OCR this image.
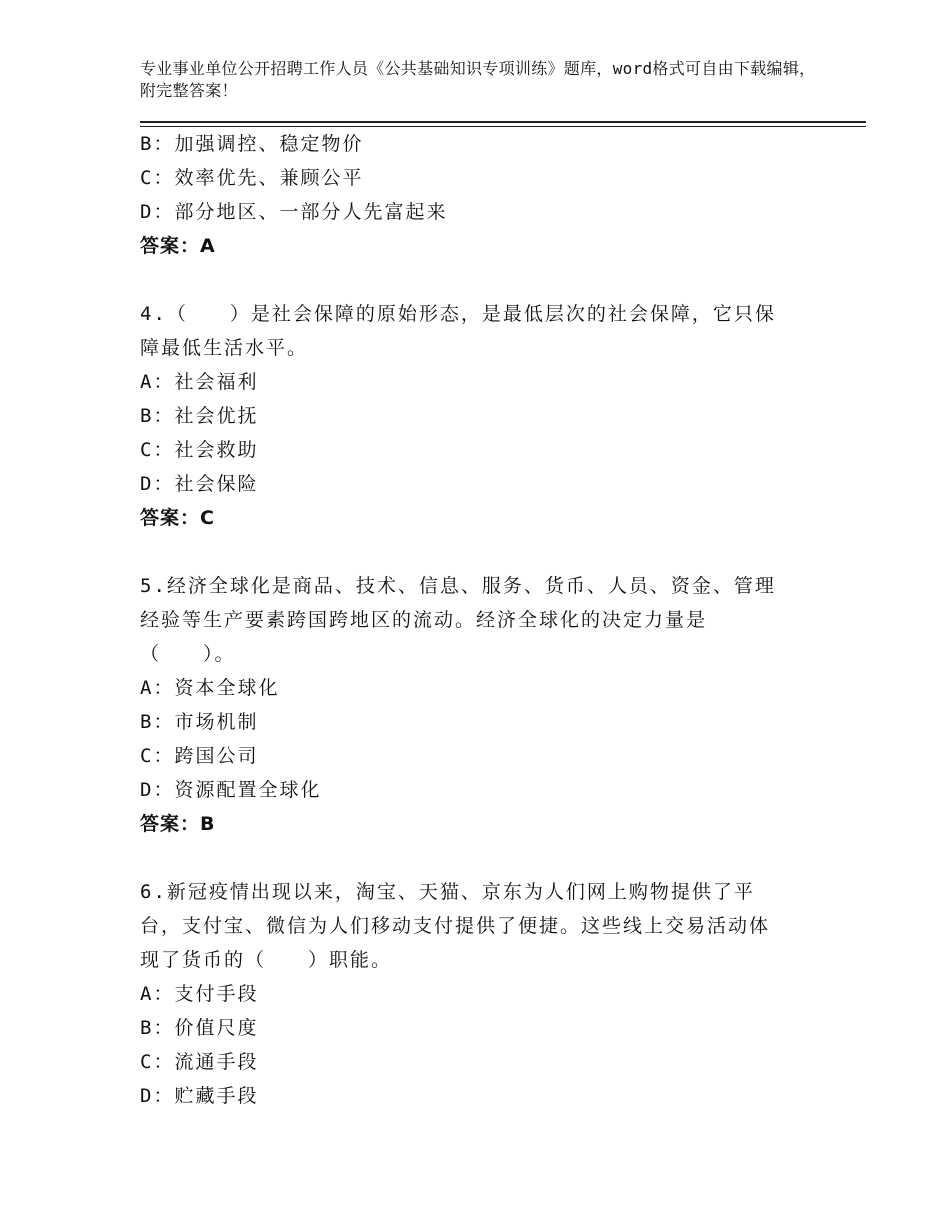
专业事业单位公开招聘工作人员《公共基础知识专项训练》题库，word格式可自由下载编辑，附完整答案！
B：加强调控、稳定物价
C：效率优先、兼顾公平
D：部分地区、一部分人先富起来
答案：A
4.（　　）是社会保障的原始形态，是最低层次的社会保障，它只保
障最低生活水平。
A：社会福利
B：社会优抚
C：社会救助
D：社会保险
答案：C
5.经济全球化是商品、技术、信息、服务、货币、人员、资金、管理
经验等生产要素跨国跨地区的流动。经济全球化的决定力量是
（　　）。
A：资本全球化
B：市场机制
C：跨国公司
D：资源配置全球化
答案：B
6.新冠疫情出现以来，淘宝、天猫、京东为人们网上购物提供了平
台，支付宝、微信为人们移动支付提供了便捷。这些线上交易活动体
现了货币的（　　）职能。
A：支付手段
B：价值尺度
C：流通手段
D：贮藏手段
